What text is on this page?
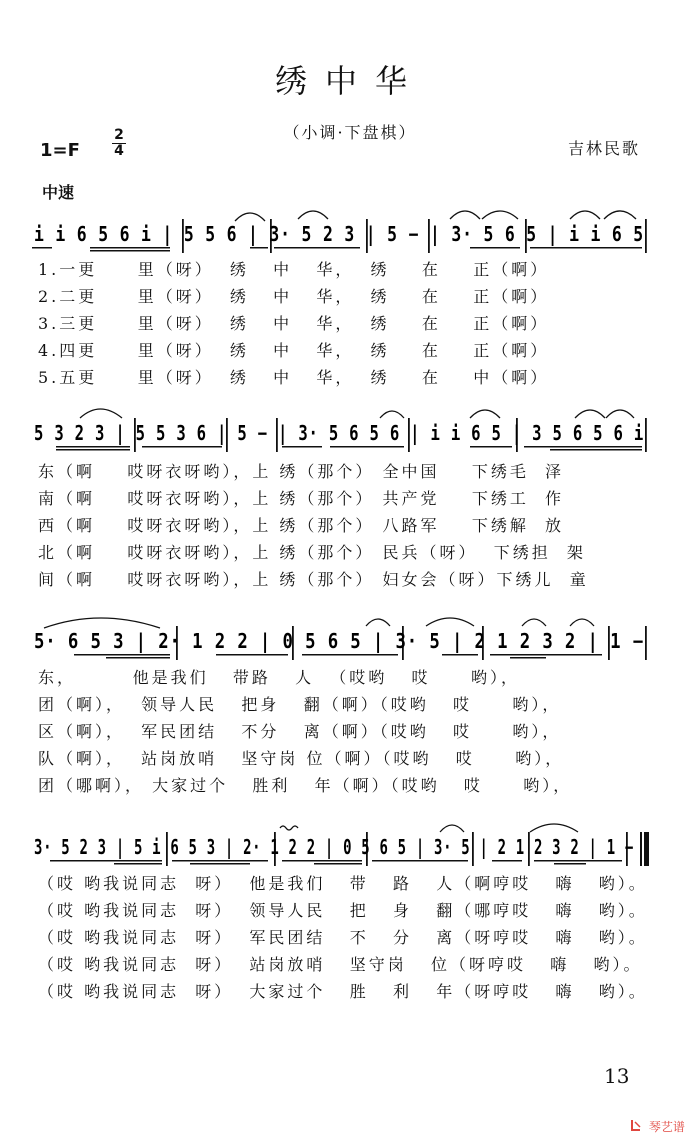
绣中华
（小调·下盘棋）
1=F
2
4	吉林民歌
中速
i i 6 5 6 i | 5 5 6 | 3· 5 2 3 | 5 − | 3· 5 6 5 | i i 6 5
1.一更     里（呀）  绣   中   华，  绣    在    正（啊）
2.二更     里（呀）  绣   中   华，  绣    在    正（啊）
3.三更     里（呀）  绣   中   华，  绣    在    正（啊）
4.四更     里（呀）  绣   中   华，  绣    在    正（啊）
5.五更     里（呀）  绣   中   华，  绣    在    中（啊）
5 3 2 3 | 5 5 3 6 | 5 − | 3· 5 6 5 6 | i i 6 5 | 3 5 6 5 6 i
东（啊    哎呀衣呀哟），上 绣（那个） 全中国    下绣毛  泽
南（啊    哎呀衣呀哟），上 绣（那个） 共产党    下绣工  作
西（啊    哎呀衣呀哟），上 绣（那个） 八路军    下绣解  放
北（啊    哎呀衣呀哟），上 绣（那个） 民兵（呀）  下绣担  架
间（啊    哎呀衣呀哟），上 绣（那个） 妇女会（呀）下绣儿  童
5· 6 5 3 | 2· 1 2 2 | 0 5 6 5 | 3· 5 | 2 1 2 3 2 | 1 −
东，       他是我们   带路   人  （哎哟   哎     哟），
团（啊），  领导人民   把身   翻（啊）（哎哟   哎     哟），
区（啊），  军民团结   不分   离（啊）（哎哟   哎     哟），
队（啊），  站岗放哨   坚守岗 位（啊）（哎哟   哎     哟），
团（哪啊）， 大家过个   胜利   年（啊）（哎哟   哎     哟），
3· 5 2 3 | 5 i 6 5 3 | 2· 1 2 2 | 0 5 6 5 | 3· 5 | 2 1 2 3 2 | 1 −
（哎 哟我说同志  呀）  他是我们   带   路   人（啊哼哎   嗨   哟）。
（哎 哟我说同志  呀）  领导人民   把   身   翻（哪哼哎   嗨   哟）。
（哎 哟我说同志  呀）  军民团结   不   分   离（呀哼哎   嗨   哟）。
（哎 哟我说同志  呀）  站岗放哨   坚守岗   位（呀哼哎   嗨   哟）。
（哎 哟我说同志  呀）  大家过个   胜   利   年（呀哼哎   嗨   哟）。
13
琴艺谱
